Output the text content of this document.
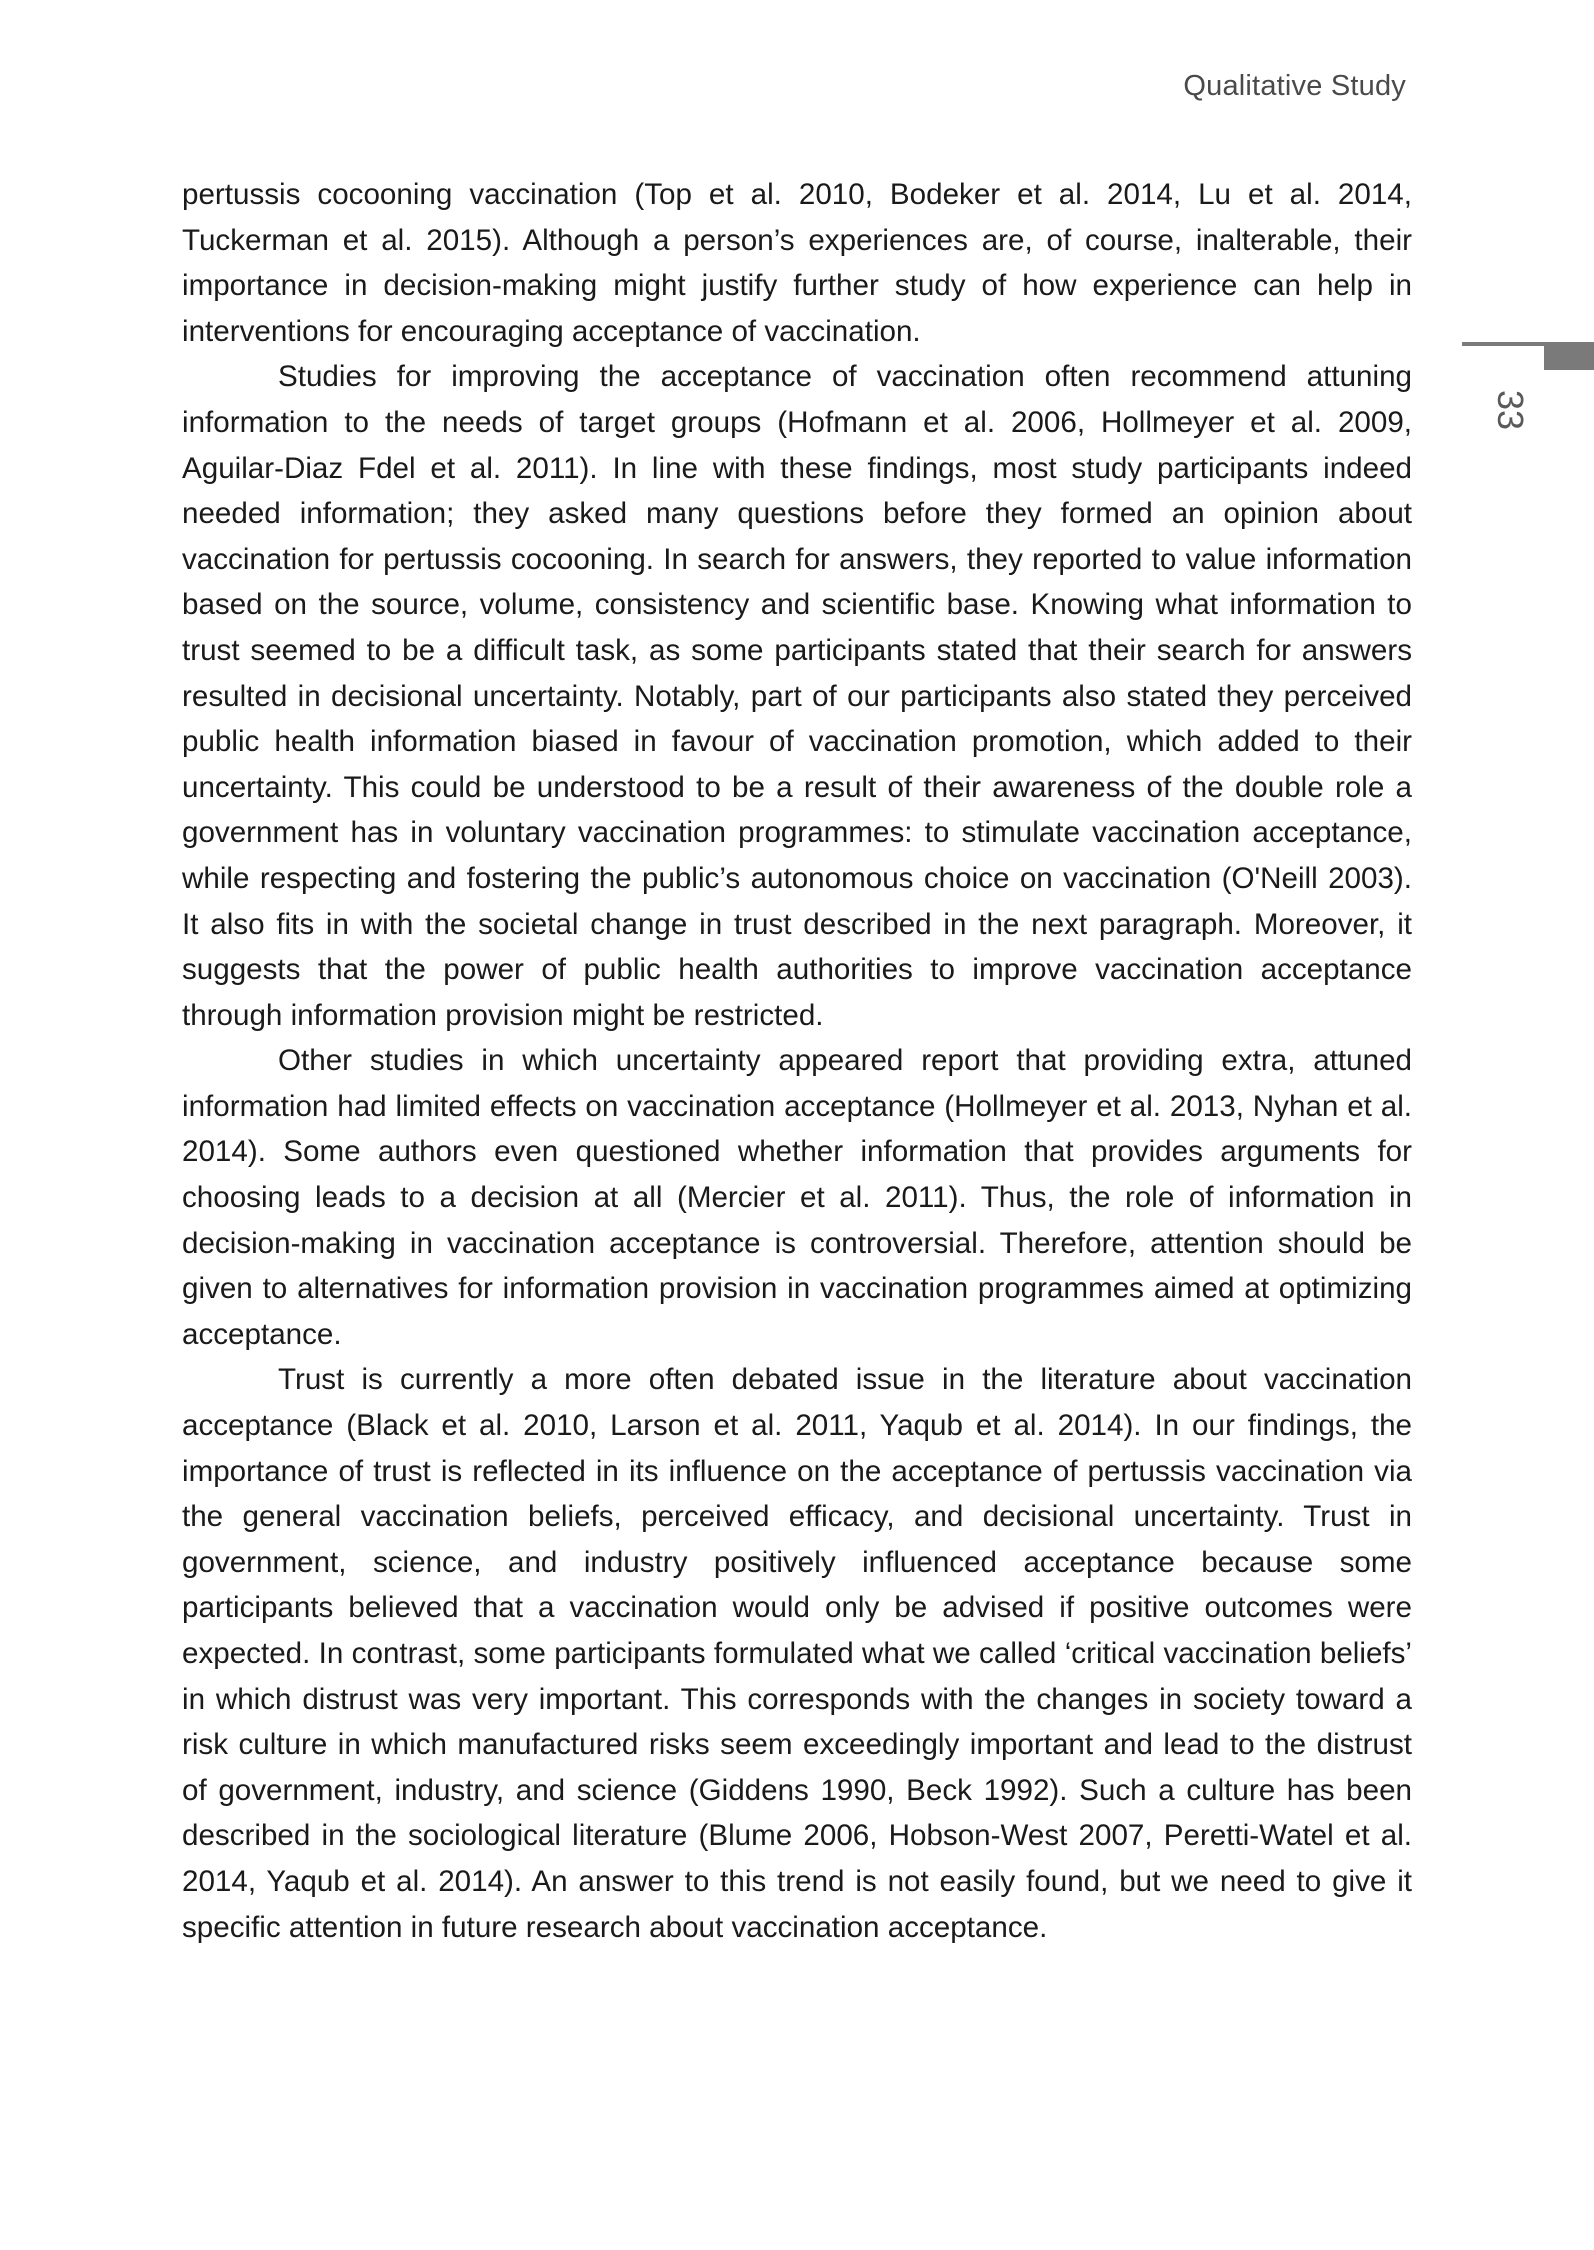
Qualitative Study
33

pertussis cocooning vaccination (Top et al. 2010, Bodeker et al. 2014, Lu et al. 2014, Tuckerman et al. 2015). Although a person’s experiences are, of course, inalterable, their importance in decision-making might justify further study of how experience can help in interventions for encouraging acceptance of vaccination.

Studies for improving the acceptance of vaccination often recommend attuning information to the needs of target groups (Hofmann et al. 2006, Hollmeyer et al. 2009, Aguilar-Diaz Fdel et al. 2011). In line with these findings, most study participants indeed needed information; they asked many questions before they formed an opinion about vaccination for pertussis cocooning. In search for answers, they reported to value information based on the source, volume, consistency and scientific base. Knowing what information to trust seemed to be a difficult task, as some participants stated that their search for answers resulted in decisional uncertainty. Notably, part of our participants also stated they perceived public health information biased in favour of vaccination promotion, which added to their uncertainty. This could be understood to be a result of their awareness of the double role a government has in voluntary vaccination programmes: to stimulate vaccination acceptance, while respecting and fostering the public’s autonomous choice on vaccination (O'Neill 2003). It also fits in with the societal change in trust described in the next paragraph. Moreover, it suggests that the power of public health authorities to improve vaccination acceptance through information provision might be restricted.

Other studies in which uncertainty appeared report that providing extra, attuned information had limited effects on vaccination acceptance (Hollmeyer et al. 2013, Nyhan et al. 2014). Some authors even questioned whether information that provides arguments for choosing leads to a decision at all (Mercier et al. 2011). Thus, the role of information in decision-making in vaccination acceptance is controversial. Therefore, attention should be given to alternatives for information provision in vaccination programmes aimed at optimizing acceptance.

Trust is currently a more often debated issue in the literature about vaccination acceptance (Black et al. 2010, Larson et al. 2011, Yaqub et al. 2014). In our findings, the importance of trust is reflected in its influence on the acceptance of pertussis vaccination via the general vaccination beliefs, perceived efficacy, and decisional uncertainty. Trust in government, science, and industry positively influenced acceptance because some participants believed that a vaccination would only be advised if positive outcomes were expected. In contrast, some participants formulated what we called ‘critical vaccination beliefs’ in which distrust was very important. This corresponds with the changes in society toward a risk culture in which manufactured risks seem exceedingly important and lead to the distrust of government, industry, and science (Giddens 1990, Beck 1992). Such a culture has been described in the sociological literature (Blume 2006, Hobson-West 2007, Peretti-Watel et al. 2014, Yaqub et al. 2014). An answer to this trend is not easily found, but we need to give it specific attention in future research about vaccination acceptance.
